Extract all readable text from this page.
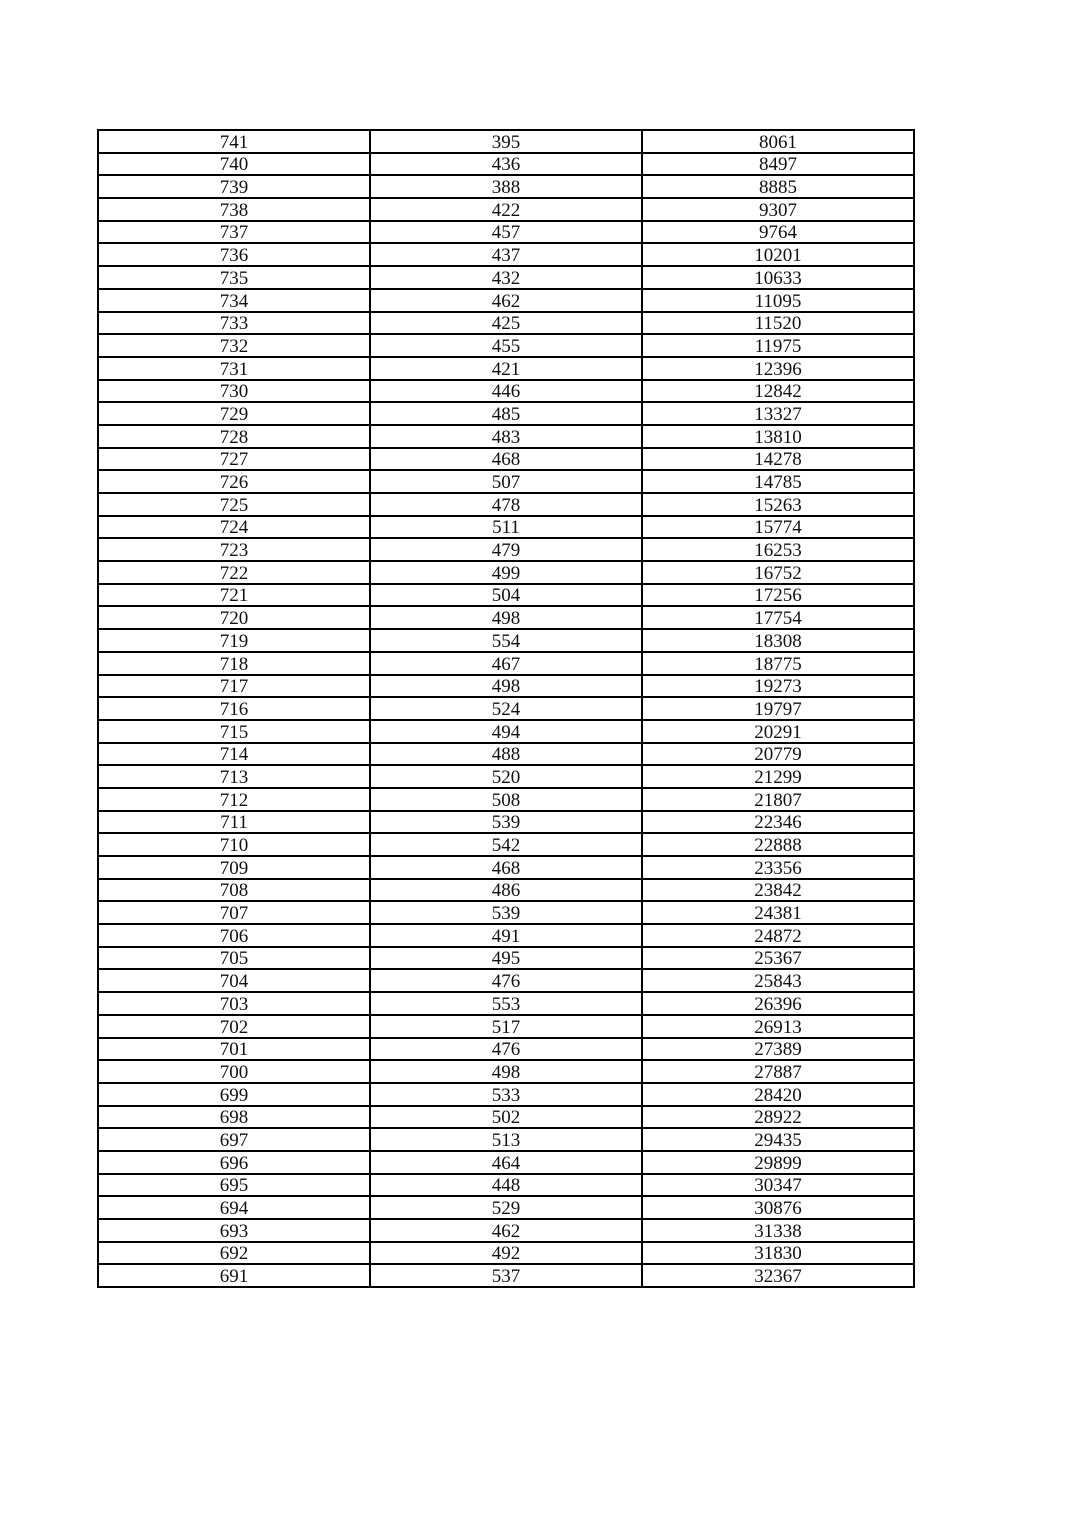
741	395	8061
740	436	8497
739	388	8885
738	422	9307
737	457	9764
736	437	10201
735	432	10633
734	462	11095
733	425	11520
732	455	11975
731	421	12396
730	446	12842
729	485	13327
728	483	13810
727	468	14278
726	507	14785
725	478	15263
724	511	15774
723	479	16253
722	499	16752
721	504	17256
720	498	17754
719	554	18308
718	467	18775
717	498	19273
716	524	19797
715	494	20291
714	488	20779
713	520	21299
712	508	21807
711	539	22346
710	542	22888
709	468	23356
708	486	23842
707	539	24381
706	491	24872
705	495	25367
704	476	25843
703	553	26396
702	517	26913
701	476	27389
700	498	27887
699	533	28420
698	502	28922
697	513	29435
696	464	29899
695	448	30347
694	529	30876
693	462	31338
692	492	31830
691	537	32367
